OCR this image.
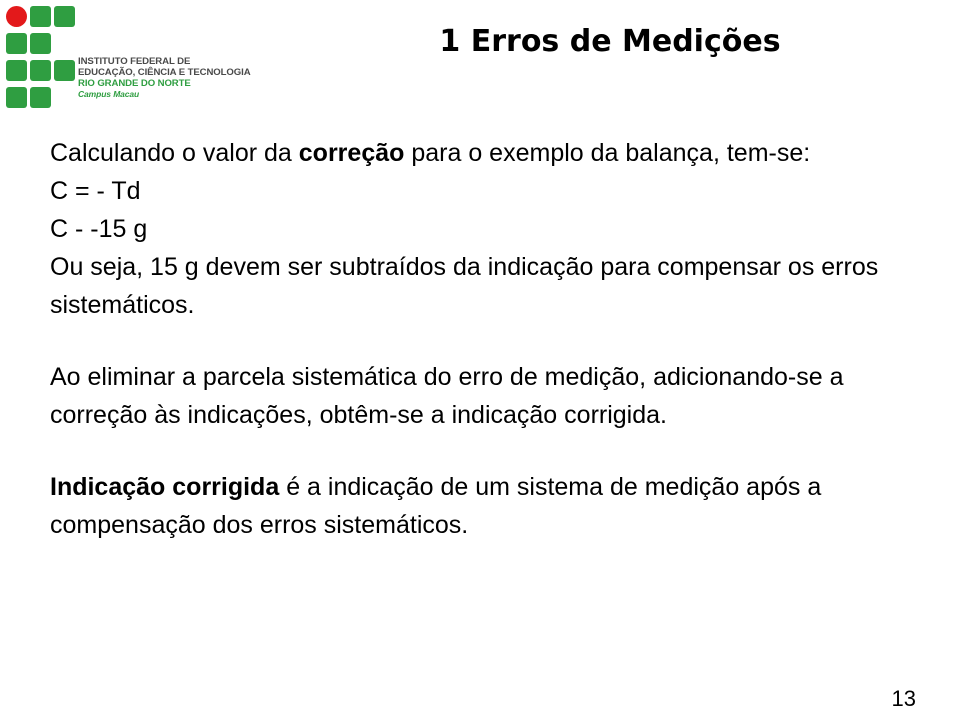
INSTITUTO FEDERAL DE
EDUCAÇÃO, CIÊNCIA E TECNOLOGIA
RIO GRANDE DO NORTE
Campus Macau
1 Erros de Medições

Calculando o valor da correção para o exemplo da balança, tem-se:

C = - Td

C - -15 g

Ou seja, 15 g devem ser subtraídos da indicação para compensar os erros sistemáticos.

Ao eliminar a parcela sistemática do erro de medição, adicionando-se a correção às indicações, obtêm-se a indicação corrigida.

Indicação corrigida é a indicação de um sistema de medição após a compensação dos erros sistemáticos.

13
